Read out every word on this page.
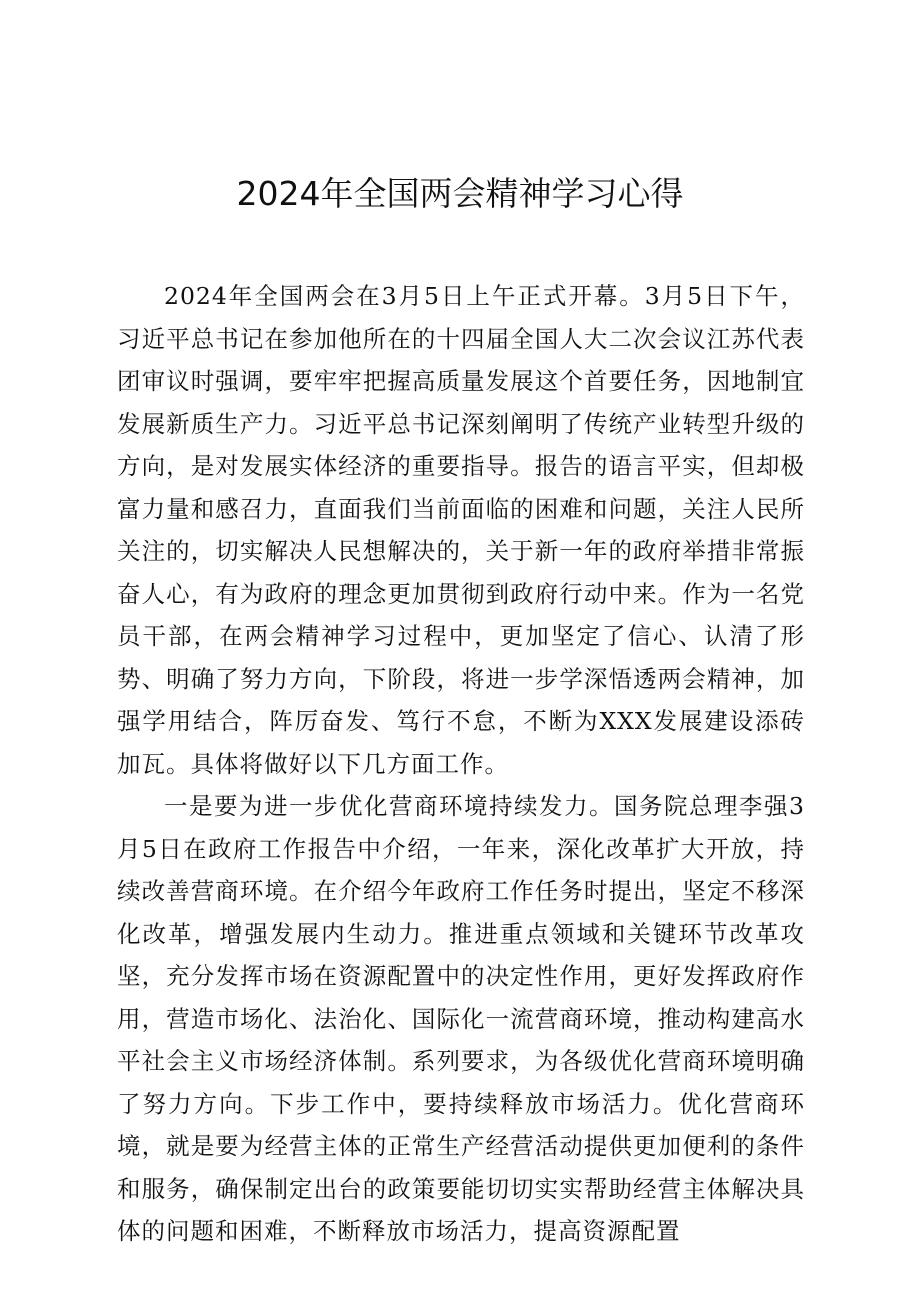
2024年全国两会精神学习心得

2024年全国两会在3月5日上午正式开幕。3月5日下午，习近平总书记在参加他所在的十四届全国人大二次会议江苏代表团审议时强调，要牢牢把握高质量发展这个首要任务，因地制宜发展新质生产力。习近平总书记深刻阐明了传统产业转型升级的方向，是对发展实体经济的重要指导。报告的语言平实，但却极富力量和感召力，直面我们当前面临的困难和问题，关注人民所关注的，切实解决人民想解决的，关于新一年的政府举措非常振奋人心，有为政府的理念更加贯彻到政府行动中来。作为一名党员干部，在两会精神学习过程中，更加坚定了信心、认清了形势、明确了努力方向，下阶段，将进一步学深悟透两会精神，加强学用结合，阵厉奋发、笃行不怠，不断为XXX发展建设添砖加瓦。具体将做好以下几方面工作。

一是要为进一步优化营商环境持续发力。国务院总理李强3月5日在政府工作报告中介绍，一年来，深化改革扩大开放，持续改善营商环境。在介绍今年政府工作任务时提出，坚定不移深化改革，增强发展内生动力。推进重点领域和关键环节改革攻坚，充分发挥市场在资源配置中的决定性作用，更好发挥政府作用，营造市场化、法治化、国际化一流营商环境，推动构建高水平社会主义市场经济体制。系列要求，为各级优化营商环境明确了努力方向。下步工作中，要持续释放市场活力。优化营商环境，就是要为经营主体的正常生产经营活动提供更加便利的条件和服务，确保制定出台的政策要能切切实实帮助经营主体解决具体的问题和困难，不断释放市场活力，提高资源配置
